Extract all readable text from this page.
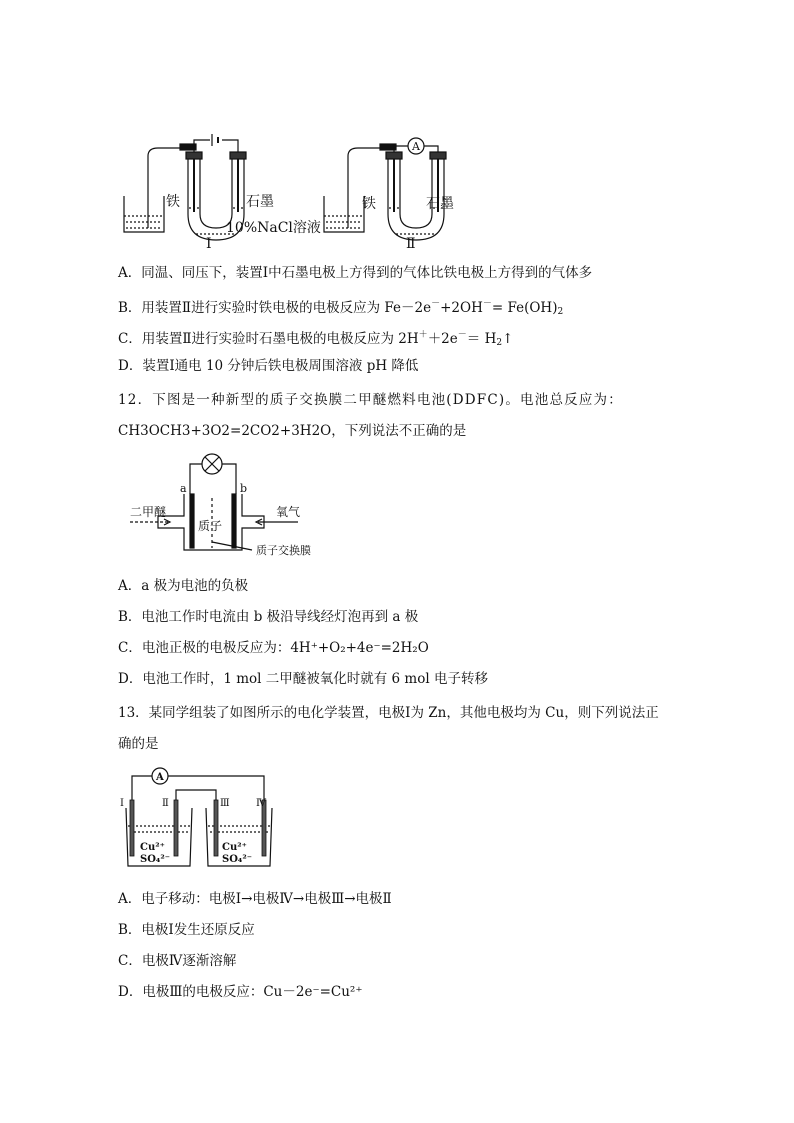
铁	石墨
10%NaCl溶液
Ⅰ
A
铁	石墨
Ⅱ
A．同温、同压下，装置Ⅰ中石墨电极上方得到的气体比铁电极上方得到的气体多
B．用装置Ⅱ进行实验时铁电极的电极反应为 $Fe-2e^-+2OH^-= Fe(OH)_2$
C．用装置Ⅱ进行实验时石墨电极的电极反应为 $2H^++2e^-= H_2↑$
D．装置Ⅰ通电 10 分钟后铁电极周围溶液 pH 降低
12．下图是一种新型的质子交换膜二甲醚燃料电池(DDFC)。电池总反应为：
CH3OCH3+3O2=2CO2+3H2O，下列说法不正确的是
a	b
二甲醚	氧气
质子
质子交换膜
A．a 极为电池的负极
B．电池工作时电流由 b 极沿导线经灯泡再到 a 极
C．电池正极的电极反应为：4H⁺+O₂+4e⁻=2H₂O
D．电池工作时，1 mol 二甲醚被氧化时就有 6 mol 电子转移
13．某同学组装了如图所示的电化学装置，电极Ⅰ为 Zn，其他电极均为 Cu，则下列说法正
确的是
A
Ⅰ	Ⅱ	Ⅲ	Ⅳ
Cu²⁺
SO₄²⁻
Cu²⁺
SO₄²⁻
A．电子移动：电极Ⅰ→电极Ⅳ→电极Ⅲ→电极Ⅱ
B．电极Ⅰ发生还原反应
C．电极Ⅳ逐渐溶解
D．电极Ⅲ的电极反应：Cu－2e⁻=Cu²⁺
